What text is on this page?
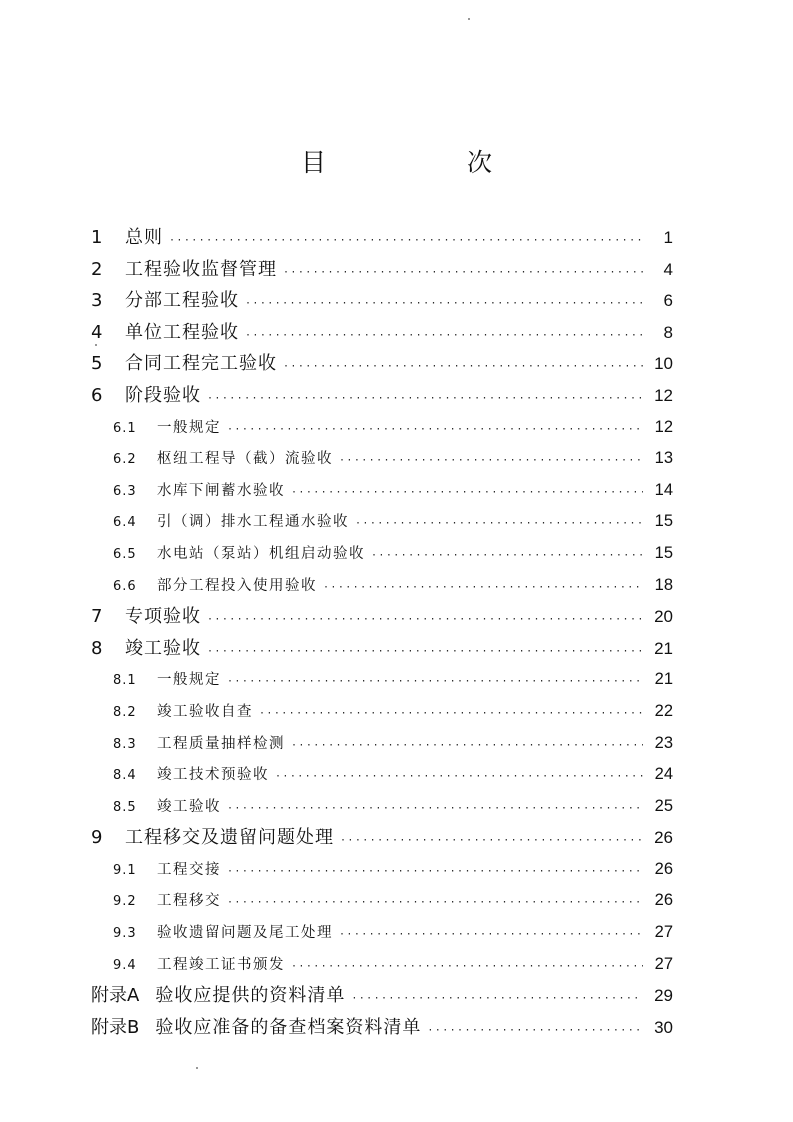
目　次
1	总则 ·····	1
2	工程验收监督管理 ·····	4
3	分部工程验收 ·····	6
4	单位工程验收 ·····	8
5	合同工程完工验收 ·····	10
6	阶段验收 ·····	12
6.1	一般规定 ·····	12
6.2	枢纽工程导（截）流验收 ·····	13
6.3	水库下闸蓄水验收 ·····	14
6.4	引（调）排水工程通水验收 ·····	15
6.5	水电站（泵站）机组启动验收 ·····	15
6.6	部分工程投入使用验收 ·····	18
7	专项验收 ·····	20
8	竣工验收 ·····	21
8.1	一般规定 ·····	21
8.2	竣工验收自查 ·····	22
8.3	工程质量抽样检测 ·····	23
8.4	竣工技术预验收 ·····	24
8.5	竣工验收 ·····	25
9	工程移交及遗留问题处理 ·····	26
9.1	工程交接 ·····	26
9.2	工程移交 ·····	26
9.3	验收遗留问题及尾工处理 ·····	27
9.4	工程竣工证书颁发 ·····	27
附录A 验收应提供的资料清单 ·····	29
附录B 验收应准备的备查档案资料清单 ·····	30
